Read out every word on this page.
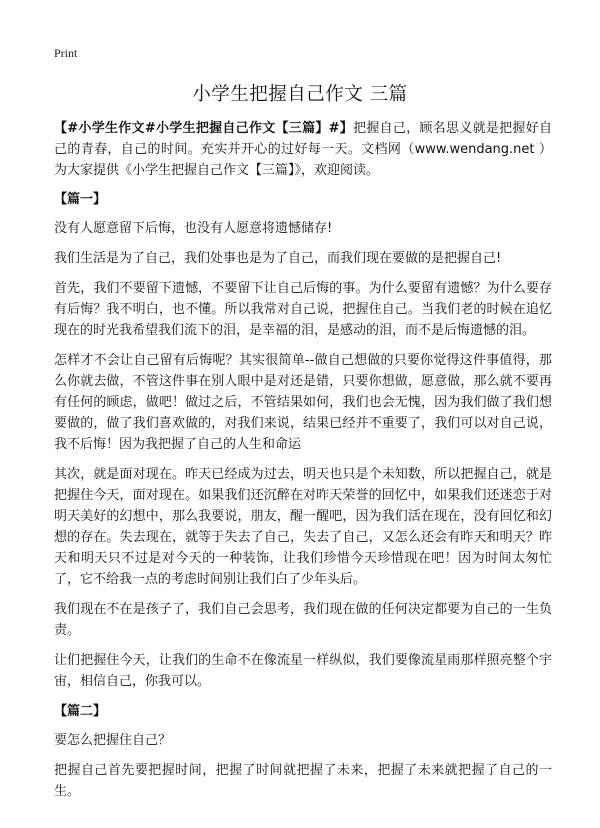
Print
小学生把握自己作文 三篇

【#小学生作文#小学生把握自己作文【三篇】#】把握自己，顾名思义就是把握好自己的青春，自己的时间。充实并开心的过好每一天。文档网（www.wendang.net ）为大家提供《小学生把握自己作文【三篇】》，欢迎阅读。

【篇一】

没有人愿意留下后悔，也没有人愿意将遗憾储存!

我们生活是为了自己，我们处事也是为了自己，而我们现在要做的是把握自己!

首先，我们不要留下遗憾，不要留下让自己后悔的事。为什么要留有遗憾？为什么要存有后悔？我不明白，也不懂。所以我常对自己说，把握住自己。当我们老的时候在追忆现在的时光我希望我们流下的泪，是幸福的泪，是感动的泪，而不是后悔遗憾的泪。

怎样才不会让自己留有后悔呢？其实很简单--做自己想做的只要你觉得这件事值得，那么你就去做，不管这件事在别人眼中是对还是错，只要你想做，愿意做，那么就不要再有任何的顾虑，做吧！做过之后，不管结果如何，我们也会无愧，因为我们做了我们想要做的，做了我们喜欢做的，对我们来说，结果已经并不重要了，我们可以对自己说，我不后悔！因为我把握了自己的人生和命运

其次，就是面对现在。昨天已经成为过去，明天也只是个未知数，所以把握自己，就是把握住今天，面对现在。如果我们还沉醉在对昨天荣誉的回忆中，如果我们还迷恋于对明天美好的幻想中，那么我要说，朋友，醒一醒吧，因为我们活在现在，没有回忆和幻想的存在。失去现在，就等于失去了自己，失去了自己，又怎么还会有昨天和明天？昨天和明天只不过是对今天的一种装饰，让我们珍惜今天珍惜现在吧！因为时间太匆忙了，它不给我一点的考虑时间别让我们白了少年头后。

我们现在不在是孩子了，我们自己会思考，我们现在做的任何决定都要为自己的一生负责。

让们把握住今天，让我们的生命不在像流星一样纵似，我们要像流星雨那样照亮整个宇宙，相信自己，你我可以。

【篇二】

要怎么把握住自己？

把握自己首先要把握时间，把握了时间就把握了未来，把握了未来就把握了自己的一生。
